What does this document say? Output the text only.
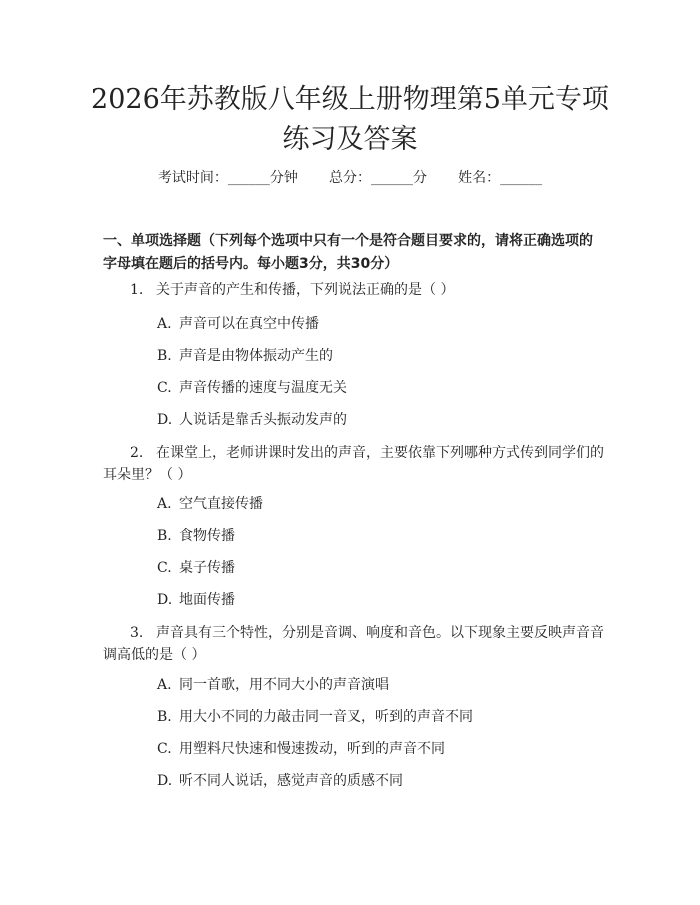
2026年苏教版八年级上册物理第5单元专项
练习及答案
考试时间：______分钟 总分：______分 姓名：______
一、单项选择题（下列每个选项中只有一个是符合题目要求的，请将正确选项的
字母填在题后的括号内。每小题3分，共30分）
1. 关于声音的产生和传播，下列说法正确的是（ ）
A. 声音可以在真空中传播
B. 声音是由物体振动产生的
C. 声音传播的速度与温度无关
D. 人说话是靠舌头振动发声的
2. 在课堂上，老师讲课时发出的声音，主要依靠下列哪种方式传到同学们的
耳朵里？（ ）
A. 空气直接传播
B. 食物传播
C. 桌子传播
D. 地面传播
3. 声音具有三个特性，分别是音调、响度和音色。以下现象主要反映声音音
调高低的是（ ）
A. 同一首歌，用不同大小的声音演唱
B. 用大小不同的力敲击同一音叉，听到的声音不同
C. 用塑料尺快速和慢速拨动，听到的声音不同
D. 听不同人说话，感觉声音的质感不同
